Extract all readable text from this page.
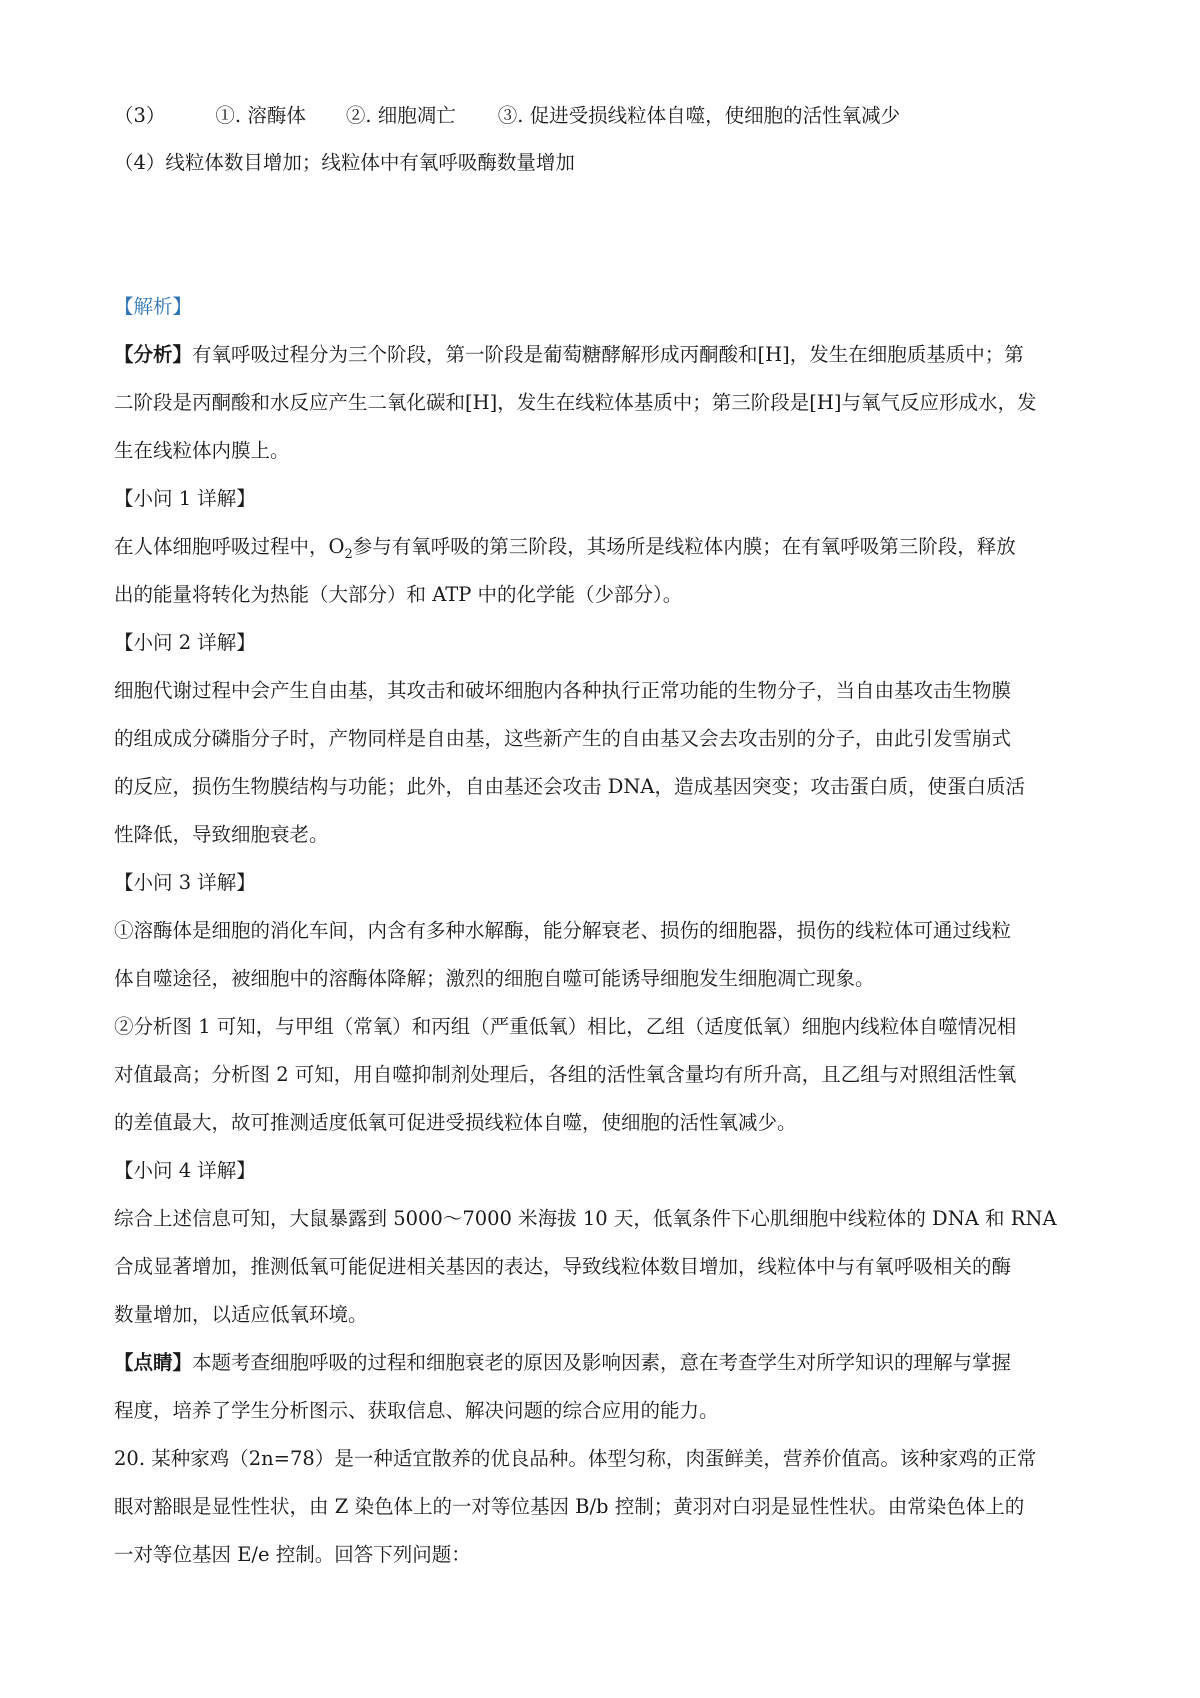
（3）	①. 溶酶体 ②. 细胞凋亡 ③. 促进受损线粒体自噬，使细胞的活性氧减少
（4）线粒体数目增加；线粒体中有氧呼吸酶数量增加
【解析】
【分析】有氧呼吸过程分为三个阶段，第一阶段是葡萄糖酵解形成丙酮酸和[H]，发生在细胞质基质中；第
二阶段是丙酮酸和水反应产生二氧化碳和[H]，发生在线粒体基质中；第三阶段是[H]与氧气反应形成水，发
生在线粒体内膜上。
【小问 1 详解】
在人体细胞呼吸过程中，$O_2$参与有氧呼吸的第三阶段，其场所是线粒体内膜；在有氧呼吸第三阶段，释放
出的能量将转化为热能（大部分）和 ATP 中的化学能（少部分）。
【小问 2 详解】
细胞代谢过程中会产生自由基，其攻击和破坏细胞内各种执行正常功能的生物分子，当自由基攻击生物膜
的组成成分磷脂分子时，产物同样是自由基，这些新产生的自由基又会去攻击别的分子，由此引发雪崩式
的反应，损伤生物膜结构与功能；此外，自由基还会攻击 DNA，造成基因突变；攻击蛋白质，使蛋白质活
性降低，导致细胞衰老。
【小问 3 详解】
①溶酶体是细胞的消化车间，内含有多种水解酶，能分解衰老、损伤的细胞器，损伤的线粒体可通过线粒
体自噬途径，被细胞中的溶酶体降解；激烈的细胞自噬可能诱导细胞发生细胞凋亡现象。
②分析图 1 可知，与甲组（常氧）和丙组（严重低氧）相比，乙组（适度低氧）细胞内线粒体自噬情况相
对值最高；分析图 2 可知，用自噬抑制剂处理后，各组的活性氧含量均有所升高，且乙组与对照组活性氧
的差值最大，故可推测适度低氧可促进受损线粒体自噬，使细胞的活性氧减少。
【小问 4 详解】
综合上述信息可知，大鼠暴露到 5000～7000 米海拔 10 天，低氧条件下心肌细胞中线粒体的 DNA 和 RNA
合成显著增加，推测低氧可能促进相关基因的表达，导致线粒体数目增加，线粒体中与有氧呼吸相关的酶
数量增加，以适应低氧环境。
【点睛】本题考查细胞呼吸的过程和细胞衰老的原因及影响因素，意在考查学生对所学知识的理解与掌握
程度，培养了学生分析图示、获取信息、解决问题的综合应用的能力。
20. 某种家鸡（2n=78）是一种适宜散养的优良品种。体型匀称，肉蛋鲜美，营养价值高。该种家鸡的正常
眼对豁眼是显性性状，由 Z 染色体上的一对等位基因 B/b 控制；黄羽对白羽是显性性状。由常染色体上的
一对等位基因 E/e 控制。回答下列问题：
